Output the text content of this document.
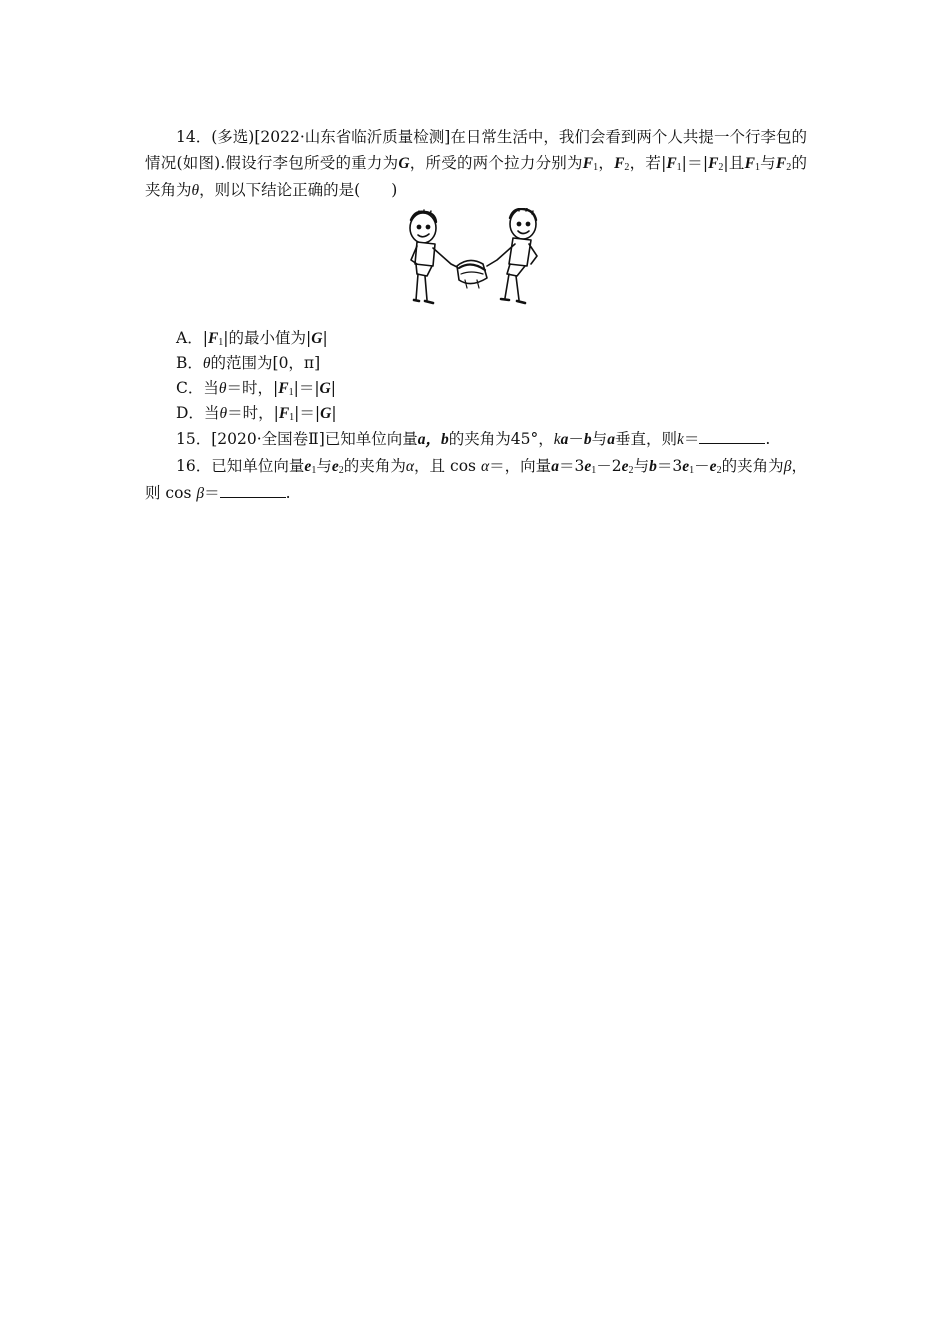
14．(多选)[2022·山东省临沂质量检测]在日常生活中，我们会看到两个人共提一个行李包的情况(如图).假设行李包所受的重力为G，所受的两个拉力分别为$F_1$，$F_2$，若$|F_1|=|F_2|$且$F_1$与$F_2$的夹角为θ，则以下结论正确的是(　　)

A．$|F_1|$的最小值为|G|

B．θ的范围为[0，π]

C．当θ＝时，$|F_1|=|G|$

D．当θ＝时，$|F_1|=|G|$

15．[2020·全国卷Ⅱ]已知单位向量a，b的夹角为45°，ka－b与a垂直，则k＝	.

16．已知单位向量$e_1$与$e_2$的夹角为α，且 cos α＝，向量$a=3e_1-2e_2$与$b=3e_1-e_2$的夹角为β，则 cos β＝	.
